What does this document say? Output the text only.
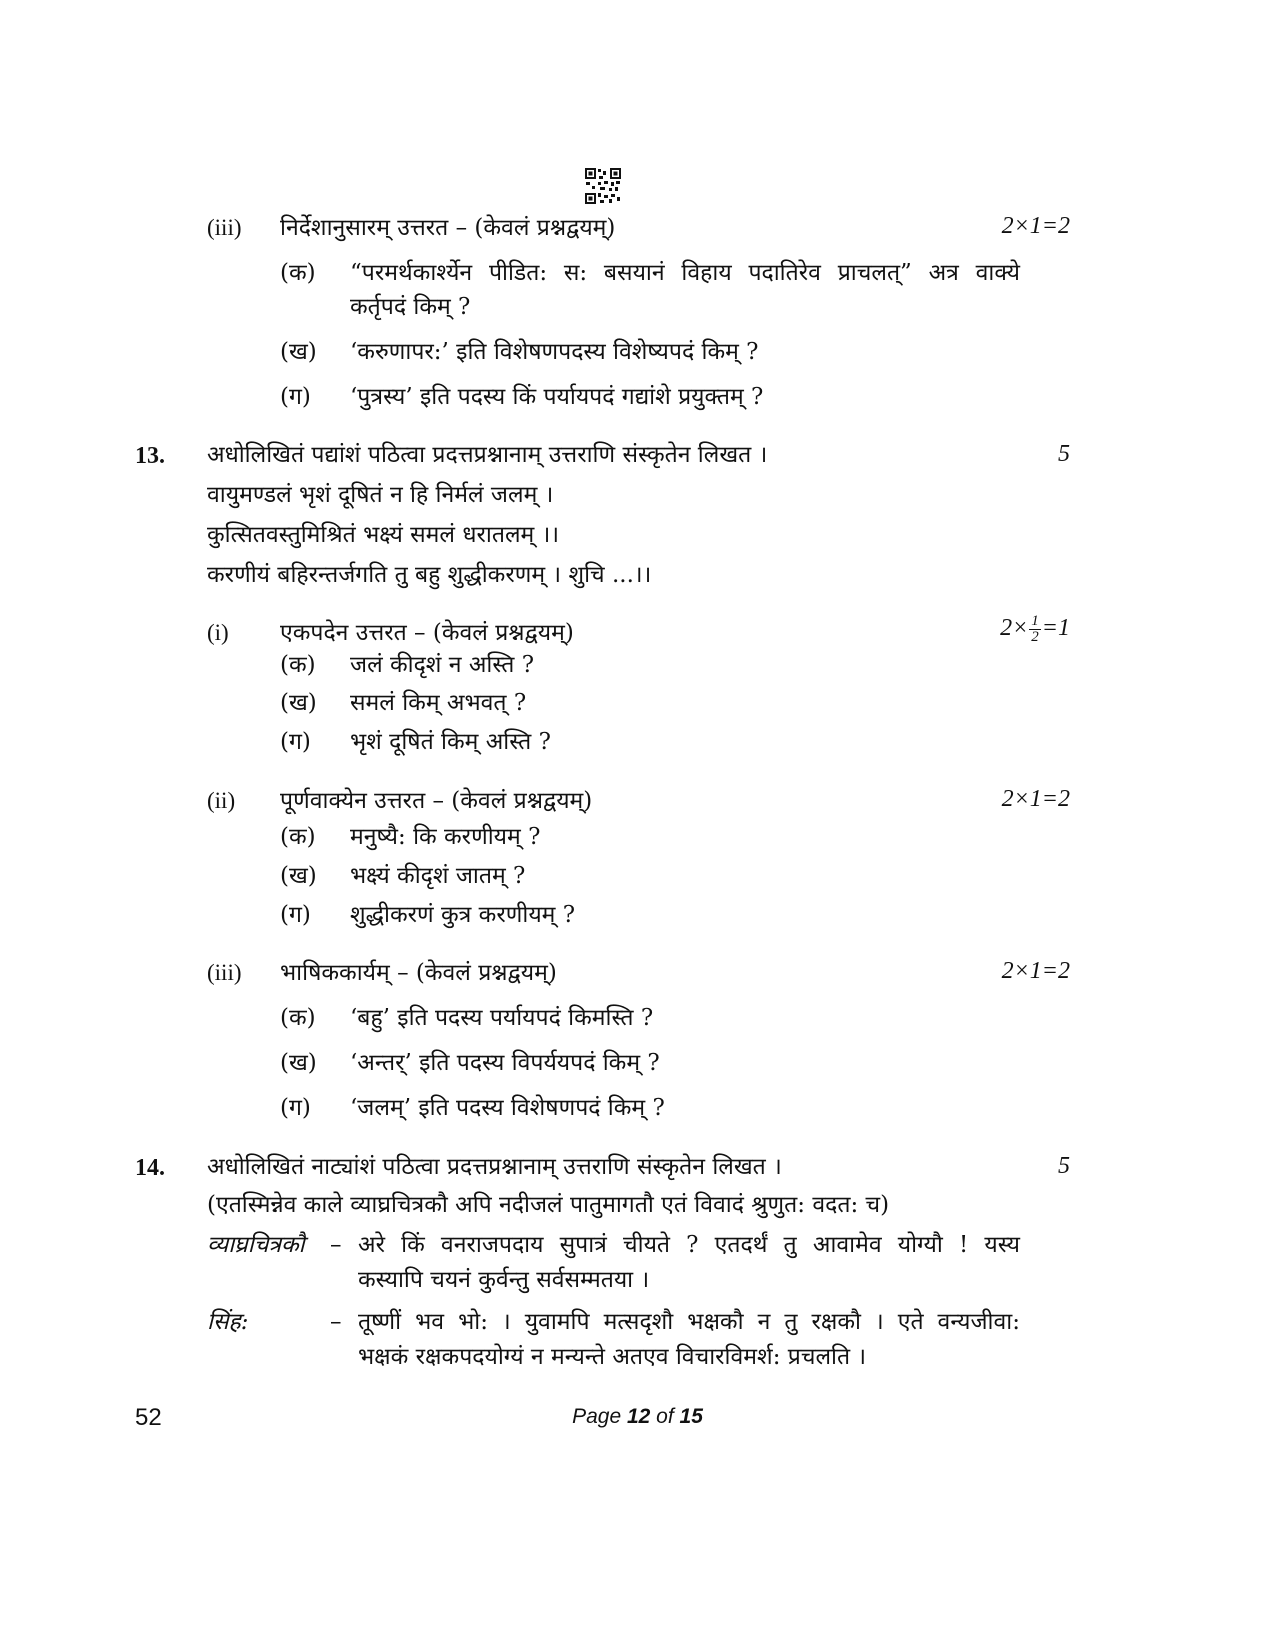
(iii) निर्देशानुसारम् उत्तरत – (केवलं प्रश्नद्वयम्)	2×1=2
(क) “परमर्थकार्श्येन पीडित: स: बसयानं विहाय पदातिरेव प्राचलत्” अत्र वाक्ये
कर्तृपदं किम् ?
(ख) ‘करुणापर:’ इति विशेषणपदस्य विशेष्यपदं किम् ?
(ग) ‘पुत्रस्य’ इति पदस्य किं पर्यायपदं गद्यांशे प्रयुक्तम् ?
13. अधोलिखितं पद्यांशं पठित्वा प्रदत्तप्रश्नानाम् उत्तराणि संस्कृतेन लिखत ।	5
वायुमण्डलं भृशं दूषितं न हि निर्मलं जलम् ।
कुत्सितवस्तुमिश्रितं भक्ष्यं समलं धरातलम् ।।
करणीयं बहिरन्तर्जगति तु बहु शुद्धीकरणम् । शुचि ...।।
(i) एकपदेन उत्तरत – (केवलं प्रश्नद्वयम्)	$2\times \frac{1}{2} =1$
(क) जलं कीदृशं न अस्ति ?
(ख) समलं किम् अभवत् ?
(ग) भृशं दूषितं किम् अस्ति ?
(ii) पूर्णवाक्येन उत्तरत – (केवलं प्रश्नद्वयम्)	2×1=2
(क) मनुष्यै: कि करणीयम् ?
(ख) भक्ष्यं कीदृशं जातम् ?
(ग) शुद्धीकरणं कुत्र करणीयम् ?
(iii) भाषिककार्यम् – (केवलं प्रश्नद्वयम्)	2×1=2
(क) ‘बहु’ इति पदस्य पर्यायपदं किमस्ति ?
(ख) ‘अन्तर्’ इति पदस्य विपर्ययपदं किम् ?
(ग) ‘जलम्’ इति पदस्य विशेषणपदं किम् ?
14. अधोलिखितं नाट्यांशं पठित्वा प्रदत्तप्रश्नानाम् उत्तराणि संस्कृतेन लिखत ।	5
(एतस्मिन्नेव काले व्याघ्रचित्रकौ अपि नदीजलं पातुमागतौ एतं विवादं श्रुणुत: वदत: च)
व्याघ्रचित्रकौ – अरे किं वनराजपदाय सुपात्रं चीयते ? एतदर्थं तु आवामेव योग्यौ ! यस्य
कस्यापि चयनं कुर्वन्तु सर्वसम्मतया ।
सिंह:	– तूष्णीं भव भो: । युवामपि मत्सदृशौ भक्षकौ न तु रक्षकौ । एते वन्यजीवा:
भक्षकं रक्षकपदयोग्यं न मन्यन्ते अतएव विचारविमर्श: प्रचलति ।
52	Page 12 of 15
